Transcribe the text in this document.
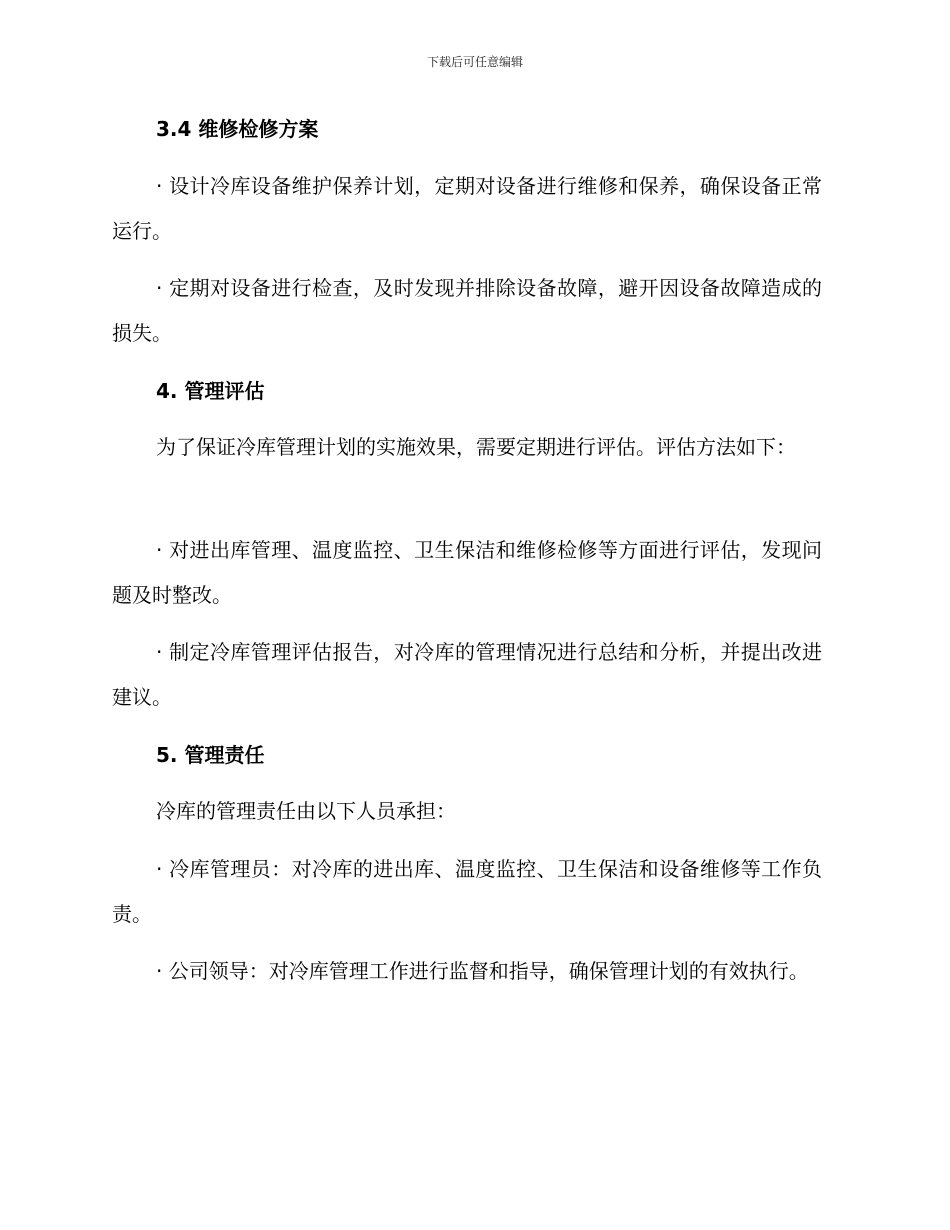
下载后可任意编辑
3.4 维修检修方案

· 设计冷库设备维护保养计划，定期对设备进行维修和保养，确保设备正常运行。

· 定期对设备进行检查，及时发现并排除设备故障，避开因设备故障造成的损失。

4. 管理评估

为了保证冷库管理计划的实施效果，需要定期进行评估。评估方法如下：

· 对进出库管理、温度监控、卫生保洁和维修检修等方面进行评估，发现问题及时整改。

· 制定冷库管理评估报告，对冷库的管理情况进行总结和分析，并提出改进建议。

5. 管理责任

冷库的管理责任由以下人员承担：

· 冷库管理员：对冷库的进出库、温度监控、卫生保洁和设备维修等工作负责。

· 公司领导：对冷库管理工作进行监督和指导，确保管理计划的有效执行。
